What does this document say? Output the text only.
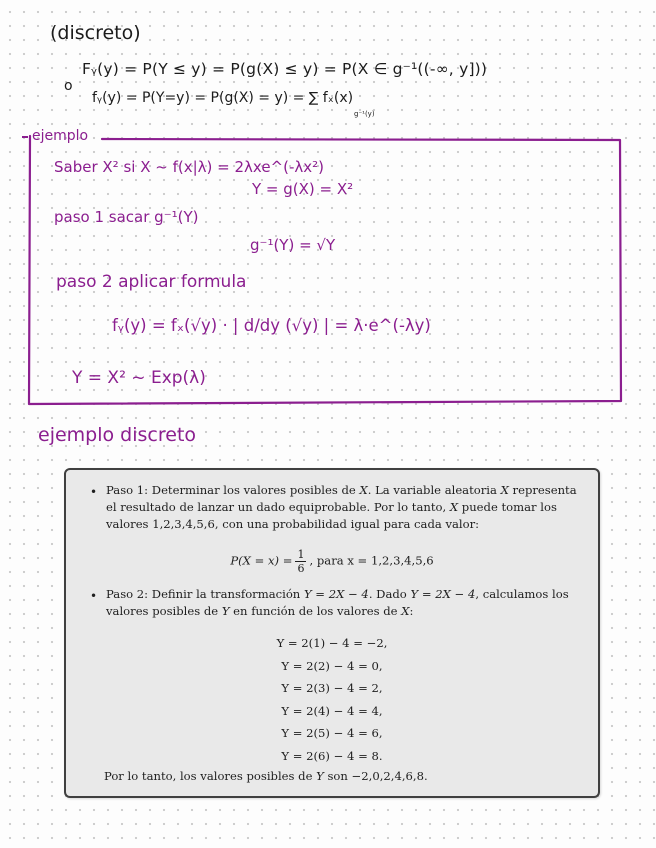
(discreto)
Fᵧ(y) = P(Y ≤ y) = P(g(X) ≤ y) = P(X ∈ g⁻¹((-∞, y]))
o
fᵧ(y) = P(Y=y) = P(g(X) = y) = ∑ fₓ(x)
g⁻¹(y)
ejemplo
Saber X² si X ~ f(x|λ) = 2λxe^(-λx²)
Y = g(X) = X²
paso 1 sacar g⁻¹(Y)
g⁻¹(Y) = √Y
paso 2 aplicar formula
fᵧ(y) = fₓ(√y) · | d/dy (√y) | = λ·e^(-λy)
Y = X² ~ Exp(λ)
ejemplo discreto
• Paso 1: Determinar los valores posibles de X. La variable aleatoria X representa el resultado de lanzar un dado equiprobable. Por lo tanto, X puede tomar los valores 1,2,3,4,5,6, con una probabilidad igual para cada valor:
$P(X = x) = \frac{1}{6}$ , para x = 1,2,3,4,5,6
• Paso 2: Definir la transformación Y = 2X − 4. Dado Y = 2X − 4, calculamos los valores posibles de Y en función de los valores de X:
Y = 2(1) − 4 = −2,
Y = 2(2) − 4 = 0,
Y = 2(3) − 4 = 2,
Y = 2(4) − 4 = 4,
Y = 2(5) − 4 = 6,
Y = 2(6) − 4 = 8.
Por lo tanto, los valores posibles de Y son −2,0,2,4,6,8.
